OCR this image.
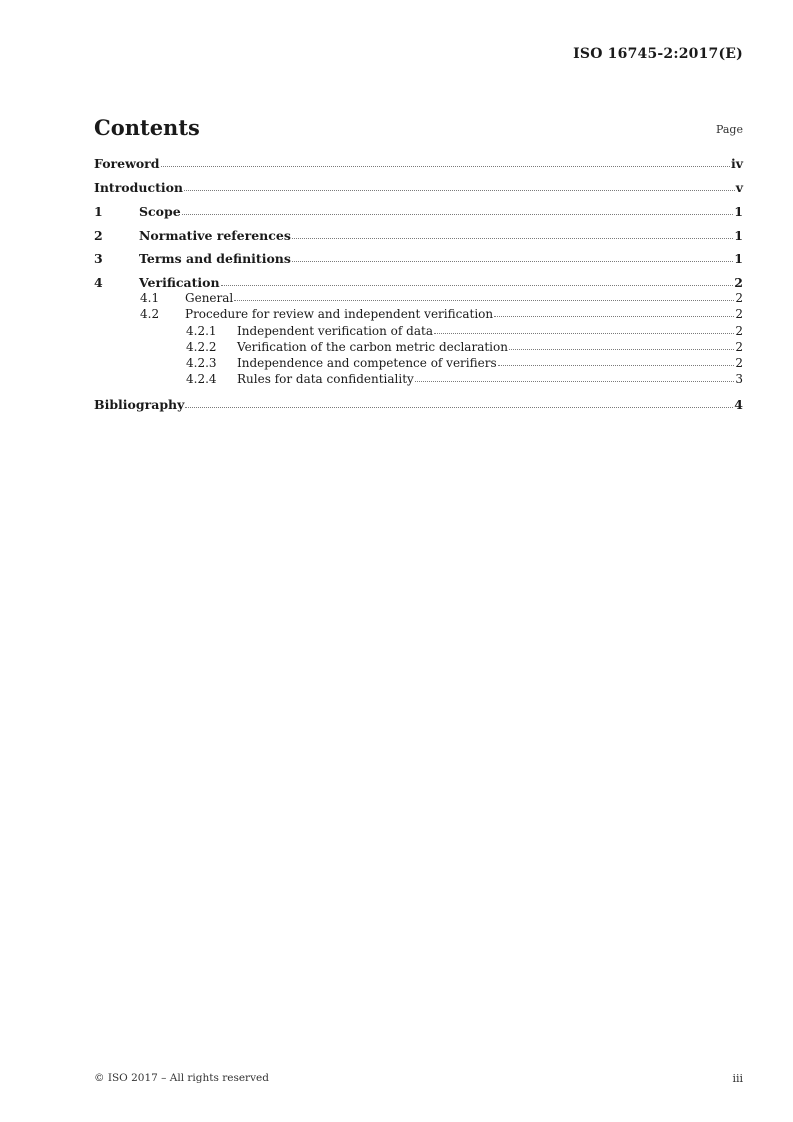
ISO 16745-2:2017(E)
Contents	Page
Foreword	iv
Introduction	v
1	Scope	1
2	Normative references	1
3	Terms and definitions	1
4	Verification	2
4.1	General	2
4.2	Procedure for review and independent verification	2
4.2.1	Independent verification of data	2
4.2.2	Verification of the carbon metric declaration	2
4.2.3	Independence and competence of verifiers	2
4.2.4	Rules for data confidentiality	3
Bibliography	4
© ISO 2017 – All rights reserved	iii
